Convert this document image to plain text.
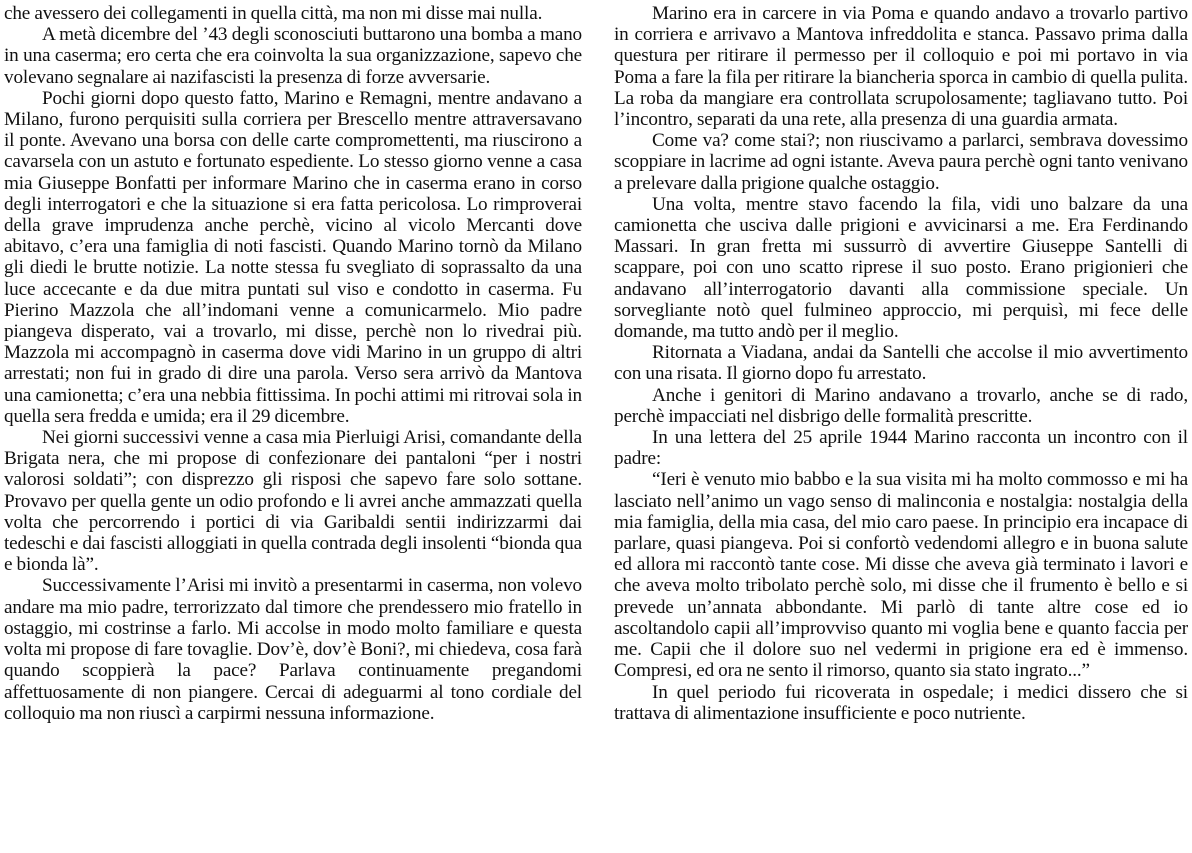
che avessero dei collegamenti in quella città, ma non mi disse mai nulla.

A metà dicembre del ’43 degli sconosciuti buttarono una bomba a mano in una caserma; ero certa che era coinvolta la sua organizzazione, sapevo che volevano segnalare ai nazifascisti la presenza di forze avversarie.

Pochi giorni dopo questo fatto, Marino e Remagni, mentre andavano a Milano, furono perquisiti sulla corriera per Brescello mentre attraversavano il ponte. Avevano una borsa con delle carte compromettenti, ma riuscirono a cavarsela con un astuto e fortunato espediente. Lo stesso giorno venne a casa mia Giuseppe Bonfatti per informare Marino che in caserma erano in corso degli interrogatori e che la situazione si era fatta pericolosa. Lo rimproverai della grave imprudenza anche perchè, vicino al vicolo Mercanti dove abitavo, c’era una famiglia di noti fascisti. Quando Marino tornò da Milano gli diedi le brutte notizie. La notte stessa fu svegliato di soprassalto da una luce accecante e da due mitra puntati sul viso e condotto in caserma. Fu Pierino Mazzola che all’indomani venne a comunicarmelo. Mio padre piangeva disperato, vai a trovarlo, mi disse, perchè non lo rivedrai più. Mazzola mi accompagnò in caserma dove vidi Marino in un gruppo di altri arrestati; non fui in grado di dire una parola. Verso sera arrivò da Mantova una camionetta; c’era una nebbia fittissima. In pochi attimi mi ritrovai sola in quella sera fredda e umida; era il 29 dicembre.

Nei giorni successivi venne a casa mia Pierluigi Arisi, comandante della Brigata nera, che mi propose di confezionare dei pantaloni “per i nostri valorosi soldati”; con disprezzo gli risposi che sapevo fare solo sottane. Provavo per quella gente un odio profondo e li avrei anche ammazzati quella volta che percorrendo i portici di via Garibaldi sentii indirizzarmi dai tedeschi e dai fascisti alloggiati in quella contrada degli insolenti “bionda qua e bionda là”.

Successivamente l’Arisi mi invitò a presentarmi in caserma, non volevo andare ma mio padre, terrorizzato dal timore che prendessero mio fratello in ostaggio, mi costrinse a farlo. Mi accolse in modo molto familiare e questa volta mi propose di fare tovaglie. Dov’è, dov’è Boni?, mi chiedeva, cosa farà quando scoppierà la pace? Parlava continuamente pregandomi affettuosamente di non piangere. Cercai di adeguarmi al tono cordiale del colloquio ma non riuscì a carpirmi nessuna informazione.

Marino era in carcere in via Poma e quando andavo a trovarlo partivo in corriera e arrivavo a Mantova infreddolita e stanca. Passavo prima dalla questura per ritirare il permesso per il colloquio e poi mi portavo in via Poma a fare la fila per ritirare la biancheria sporca in cambio di quella pulita. La roba da mangiare era controllata scrupolosamente; tagliavano tutto. Poi l’incontro, separati da una rete, alla presenza di una guardia armata.

Come va? come stai?; non riuscivamo a parlarci, sembrava dovessimo scoppiare in lacrime ad ogni istante. Aveva paura perchè ogni tanto venivano a prelevare dalla prigione qualche ostaggio.

Una volta, mentre stavo facendo la fila, vidi uno balzare da una camionetta che usciva dalle prigioni e avvicinarsi a me. Era Ferdinando Massari. In gran fretta mi sussurrò di avvertire Giuseppe Santelli di scappare, poi con uno scatto riprese il suo posto. Erano prigionieri che andavano all’interrogatorio davanti alla commissione speciale. Un sorvegliante notò quel fulmineo approccio, mi perquisì, mi fece delle domande, ma tutto andò per il meglio.

Ritornata a Viadana, andai da Santelli che accolse il mio avvertimento con una risata. Il giorno dopo fu arrestato.

Anche i genitori di Marino andavano a trovarlo, anche se di rado, perchè impacciati nel disbrigo delle formalità prescritte.

In una lettera del 25 aprile 1944 Marino racconta un incontro con il padre:

“Ieri è venuto mio babbo e la sua visita mi ha molto commosso e mi ha lasciato nell’animo un vago senso di malinconia e nostalgia: nostalgia della mia famiglia, della mia casa, del mio caro paese. In principio era incapace di parlare, quasi piangeva. Poi si confortò vedendomi allegro e in buona salute ed allora mi raccontò tante cose. Mi disse che aveva già terminato i lavori e che aveva molto tribolato perchè solo, mi disse che il frumento è bello e si prevede un’annata abbondante. Mi parlò di tante altre cose ed io ascoltandolo capii all’improvviso quanto mi voglia bene e quanto faccia per me. Capii che il dolore suo nel vedermi in prigione era ed è immenso. Compresi, ed ora ne sento il rimorso, quanto sia stato ingrato...”

In quel periodo fui ricoverata in ospedale; i medici dissero che si trattava di alimentazione insufficiente e poco nutriente.
